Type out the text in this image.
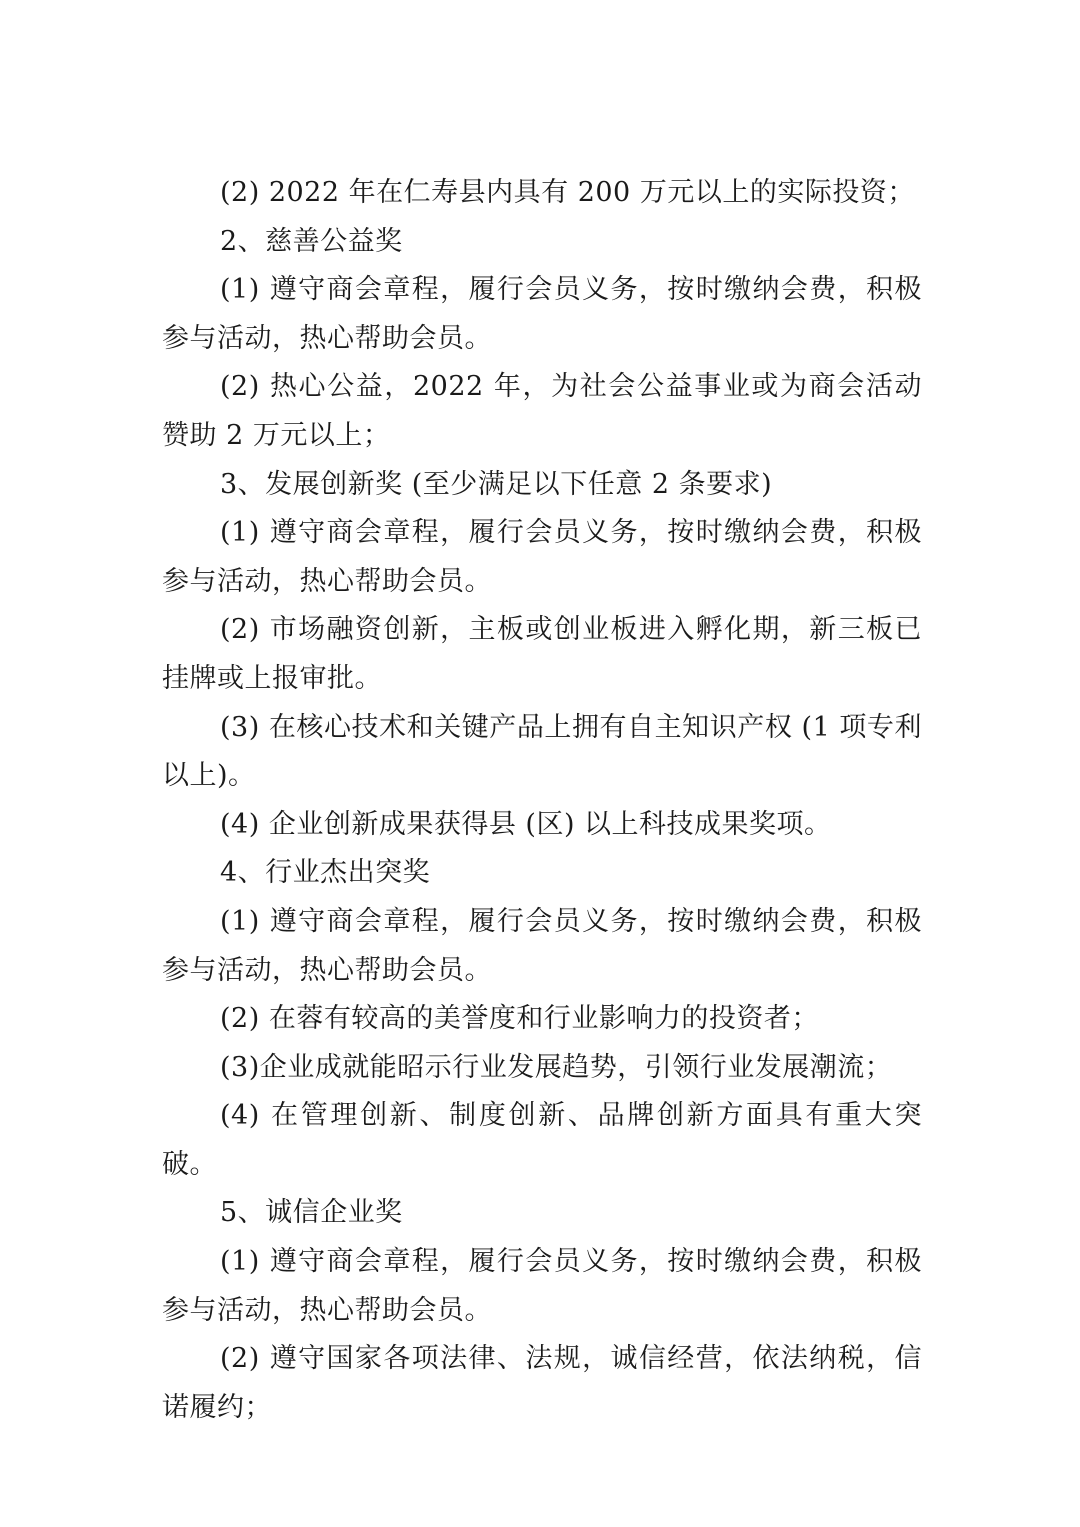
(2) 2022 年在仁寿县内具有 200 万元以上的实际投资；

2、慈善公益奖

(1) 遵守商会章程，履行会员义务，按时缴纳会费，积极参与活动，热心帮助会员。

(2) 热心公益，2022 年，为社会公益事业或为商会活动赞助 2 万元以上；

3、发展创新奖 (至少满足以下任意 2 条要求)

(1) 遵守商会章程，履行会员义务，按时缴纳会费，积极参与活动，热心帮助会员。

(2) 市场融资创新，主板或创业板进入孵化期，新三板已挂牌或上报审批。

(3) 在核心技术和关键产品上拥有自主知识产权 (1 项专利以上)。

(4) 企业创新成果获得县 (区) 以上科技成果奖项。

4、行业杰出突奖

(1) 遵守商会章程，履行会员义务，按时缴纳会费，积极参与活动，热心帮助会员。

(2) 在蓉有较高的美誉度和行业影响力的投资者；

(3)企业成就能昭示行业发展趋势，引领行业发展潮流；

(4) 在管理创新、制度创新、品牌创新方面具有重大突破。

5、诚信企业奖

(1) 遵守商会章程，履行会员义务，按时缴纳会费，积极参与活动，热心帮助会员。

(2) 遵守国家各项法律、法规，诚信经营，依法纳税，信诺履约；
